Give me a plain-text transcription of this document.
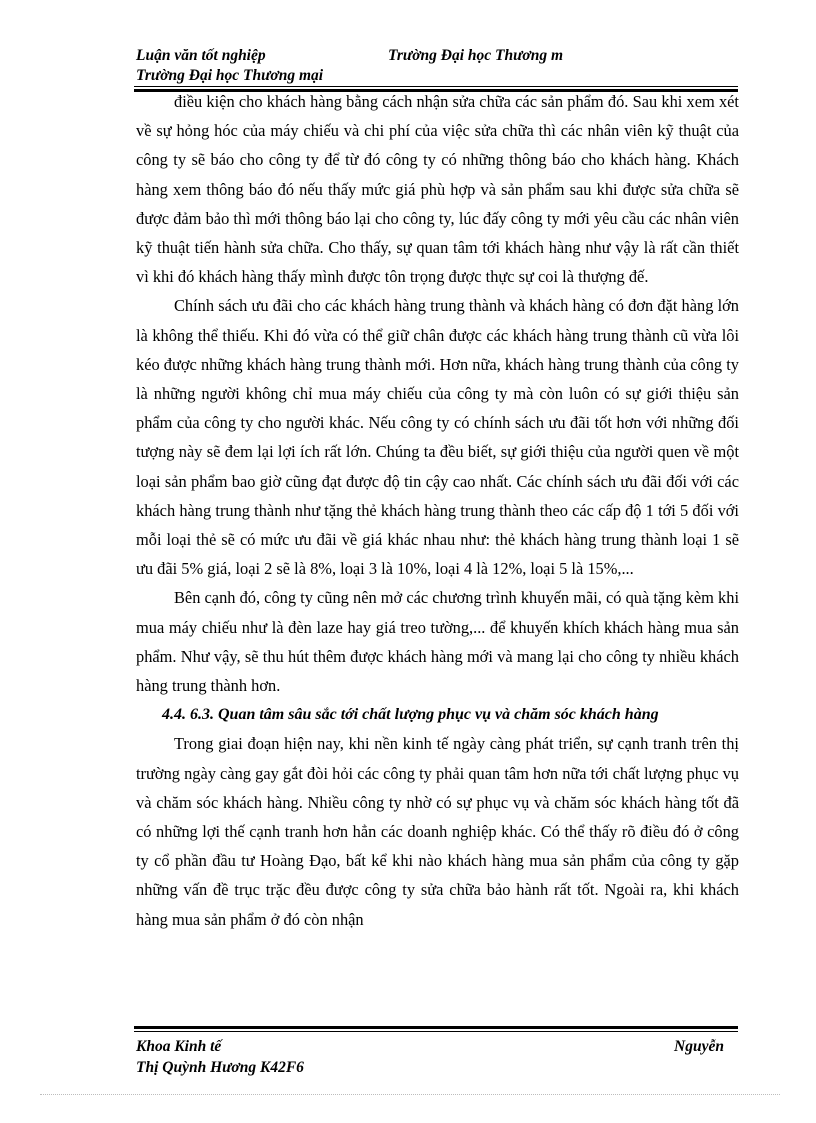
Luận văn tốt nghiệp
Trường Đại học Thương mại
Trường Đại học Thương m

điều kiện cho khách hàng bằng cách nhận sửa chữa các sản phẩm đó. Sau khi xem xét về sự hỏng hóc của máy chiếu và chi phí của việc sửa chữa thì các nhân viên kỹ thuật của công ty sẽ báo cho công ty để từ đó công ty có những thông báo cho khách hàng. Khách hàng xem thông báo đó nếu thấy mức giá phù hợp và sản phẩm sau khi được sửa chữa sẽ được đảm bảo thì mới thông báo lại cho công ty, lúc đấy công ty mới yêu cầu các nhân viên kỹ thuật tiến hành sửa chữa. Cho thấy, sự quan tâm tới khách hàng như vậy là rất cần thiết vì khi đó khách hàng thấy mình được tôn trọng được thực sự coi là thượng đế.

Chính sách ưu đãi cho các khách hàng trung thành và khách hàng có đơn đặt hàng lớn là không thể thiếu. Khi đó vừa có thể giữ chân được các khách hàng trung thành cũ vừa lôi kéo được những khách hàng trung thành mới. Hơn nữa, khách hàng trung thành của công ty là những người không chỉ mua máy chiếu của công ty mà còn luôn có sự giới thiệu sản phẩm của công ty cho người khác. Nếu công ty có chính sách ưu đãi tốt hơn với những đối tượng này sẽ đem lại lợi ích rất lớn. Chúng ta đều biết, sự giới thiệu của người quen về một loại sản phẩm bao giờ cũng đạt được độ tin cậy cao nhất. Các chính sách ưu đãi đối với các khách hàng trung thành như tặng thẻ khách hàng trung thành theo các cấp độ 1 tới 5 đối với mỗi loại thẻ sẽ có mức ưu đãi về giá khác nhau như: thẻ khách hàng trung thành loại 1 sẽ ưu đãi 5% giá, loại 2 sẽ là 8%, loại 3 là 10%, loại 4 là 12%, loại 5 là 15%,...

Bên cạnh đó, công ty cũng nên mở các chương trình khuyến mãi, có quà tặng kèm khi mua máy chiếu như là đèn laze hay giá treo tường,... để khuyến khích khách hàng mua sản phẩm. Như vậy, sẽ thu hút thêm được khách hàng mới và mang lại cho công ty nhiều khách hàng trung thành hơn.

4.4. 6.3. Quan tâm sâu sắc tới chất lượng phục vụ và chăm sóc khách hàng

Trong giai đoạn hiện nay, khi nền kinh tế ngày càng phát triển, sự cạnh tranh trên thị trường ngày càng gay gắt đòi hỏi các công ty phải quan tâm hơn nữa tới chất lượng phục vụ và chăm sóc khách hàng. Nhiều công ty nhờ có sự phục vụ và chăm sóc khách hàng tốt đã có những lợi thế cạnh tranh hơn hẳn các doanh nghiệp khác. Có thể thấy rõ điều đó ở công ty cổ phần đầu tư Hoàng Đạo, bất kể khi nào khách hàng mua sản phẩm của công ty gặp những vấn đề trục trặc đều được công ty sửa chữa bảo hành rất tốt. Ngoài ra, khi khách hàng mua sản phẩm ở đó còn nhận

Khoa Kinh tế
Thị Quỳnh Hương K42F6
Nguyễn
